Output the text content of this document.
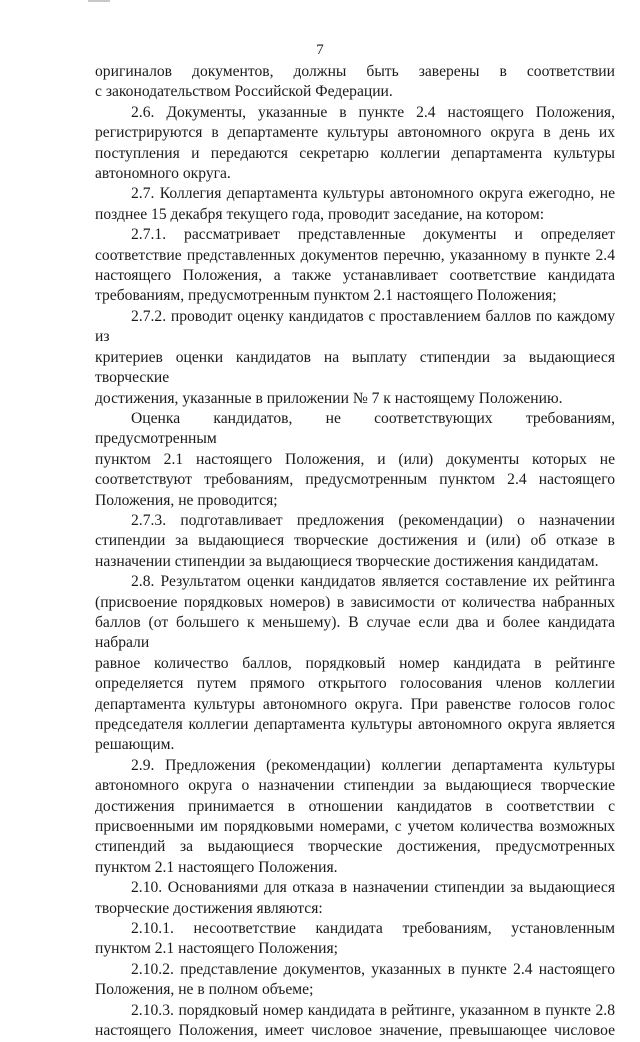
7
оригиналов документов, должны быть заверены в соответствии
с законодательством Российской Федерации.
2.6. Документы, указанные в пункте 2.4 настоящего Положения,
регистрируются в департаменте культуры автономного округа в день их
поступления и передаются секретарю коллегии департамента культуры
автономного округа.
2.7. Коллегия департамента культуры автономного округа ежегодно, не
позднее 15 декабря текущего года, проводит заседание, на котором:
2.7.1. рассматривает представленные документы и определяет
соответствие представленных документов перечню, указанному в пункте 2.4
настоящего Положения, а также устанавливает соответствие кандидата
требованиям, предусмотренным пунктом 2.1 настоящего Положения;
2.7.2. проводит оценку кандидатов с проставлением баллов по каждому из
критериев оценки кандидатов на выплату стипендии за выдающиеся творческие
достижения, указанные в приложении № 7 к настоящему Положению.
Оценка кандидатов, не соответствующих требованиям, предусмотренным
пунктом 2.1 настоящего Положения, и (или) документы которых не
соответствуют требованиям, предусмотренным пунктом 2.4 настоящего
Положения, не проводится;
2.7.3. подготавливает предложения (рекомендации) о назначении
стипендии за выдающиеся творческие достижения и (или) об отказе в
назначении стипендии за выдающиеся творческие достижения кандидатам.
2.8. Результатом оценки кандидатов является составление их рейтинга
(присвоение порядковых номеров) в зависимости от количества набранных
баллов (от большего к меньшему). В случае если два и более кандидата набрали
равное количество баллов, порядковый номер кандидата в рейтинге
определяется путем прямого открытого голосования членов коллегии
департамента культуры автономного округа. При равенстве голосов голос
председателя коллегии департамента культуры автономного округа является
решающим.
2.9. Предложения (рекомендации) коллегии департамента культуры
автономного округа о назначении стипендии за выдающиеся творческие
достижения принимается в отношении кандидатов в соответствии с
присвоенными им порядковыми номерами, с учетом количества возможных
стипендий за выдающиеся творческие достижения, предусмотренных
пунктом 2.1 настоящего Положения.
2.10. Основаниями для отказа в назначении стипендии за выдающиеся
творческие достижения являются:
2.10.1. несоответствие кандидата требованиям, установленным
пунктом 2.1 настоящего Положения;
2.10.2. представление документов, указанных в пункте 2.4 настоящего
Положения, не в полном объеме;
2.10.3. порядковый номер кандидата в рейтинге, указанном в пункте 2.8
настоящего Положения, имеет числовое значение, превышающее числовое
